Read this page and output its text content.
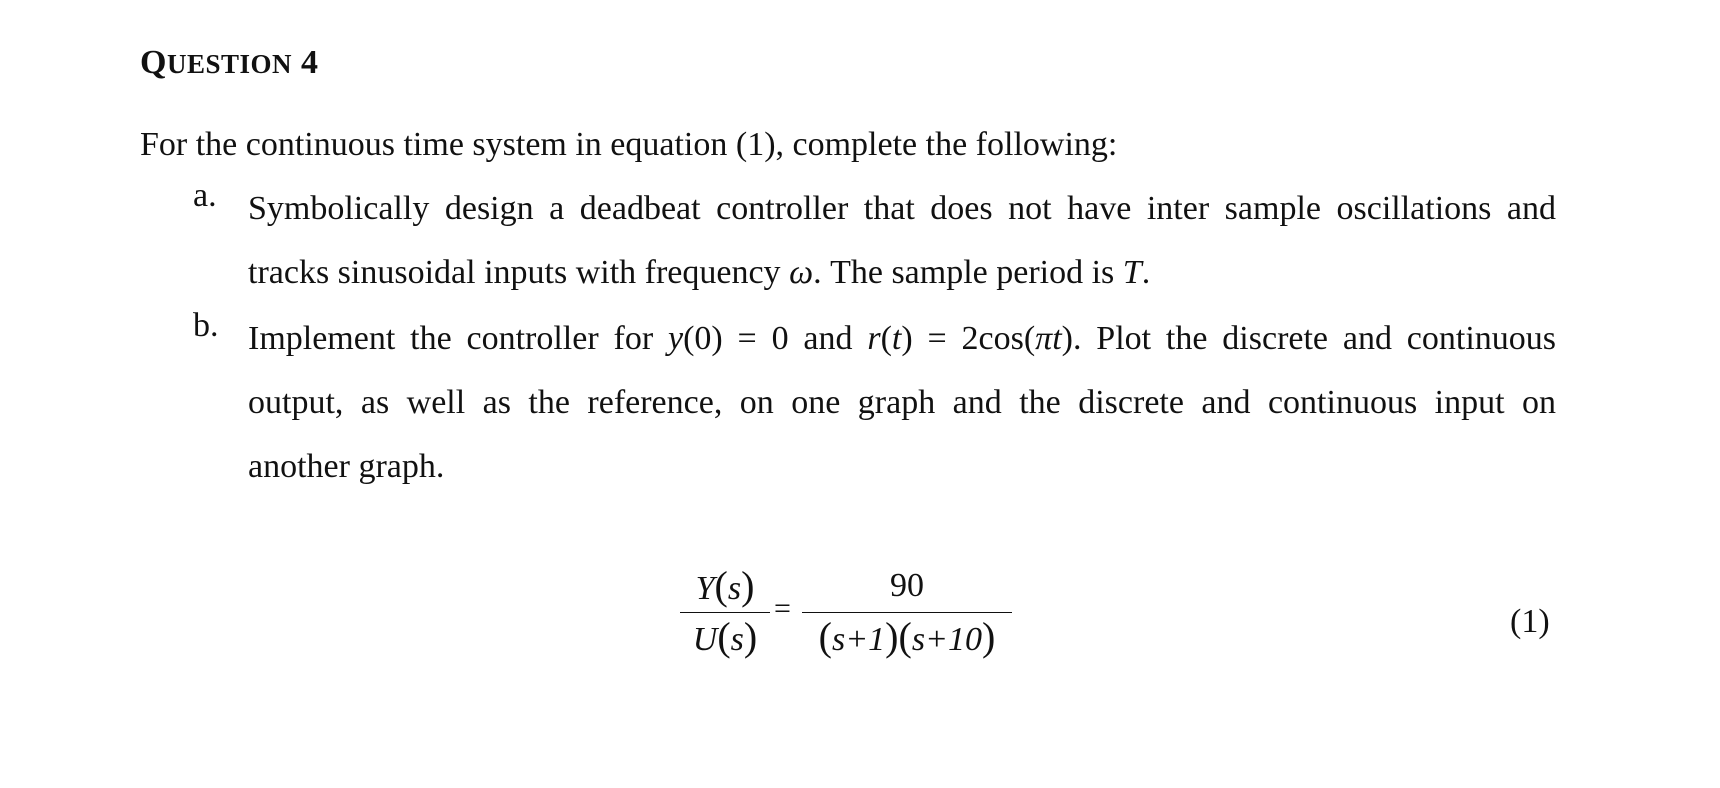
QUESTION 4
For the continuous time system in equation (1), complete the following:
a. Symbolically design a deadbeat controller that does not have inter sample oscillations and
tracks sinusoidal inputs with frequency ω. The sample period is T.
b. Implement the controller for y(0) = 0 and r(t) = 2cos(πt). Plot the discrete and continuous
output, as well as the reference, on one graph and the discrete and continuous input on
another graph.
Y(s)
U(s)
=
90
(s+1)(s+10)	(1)
